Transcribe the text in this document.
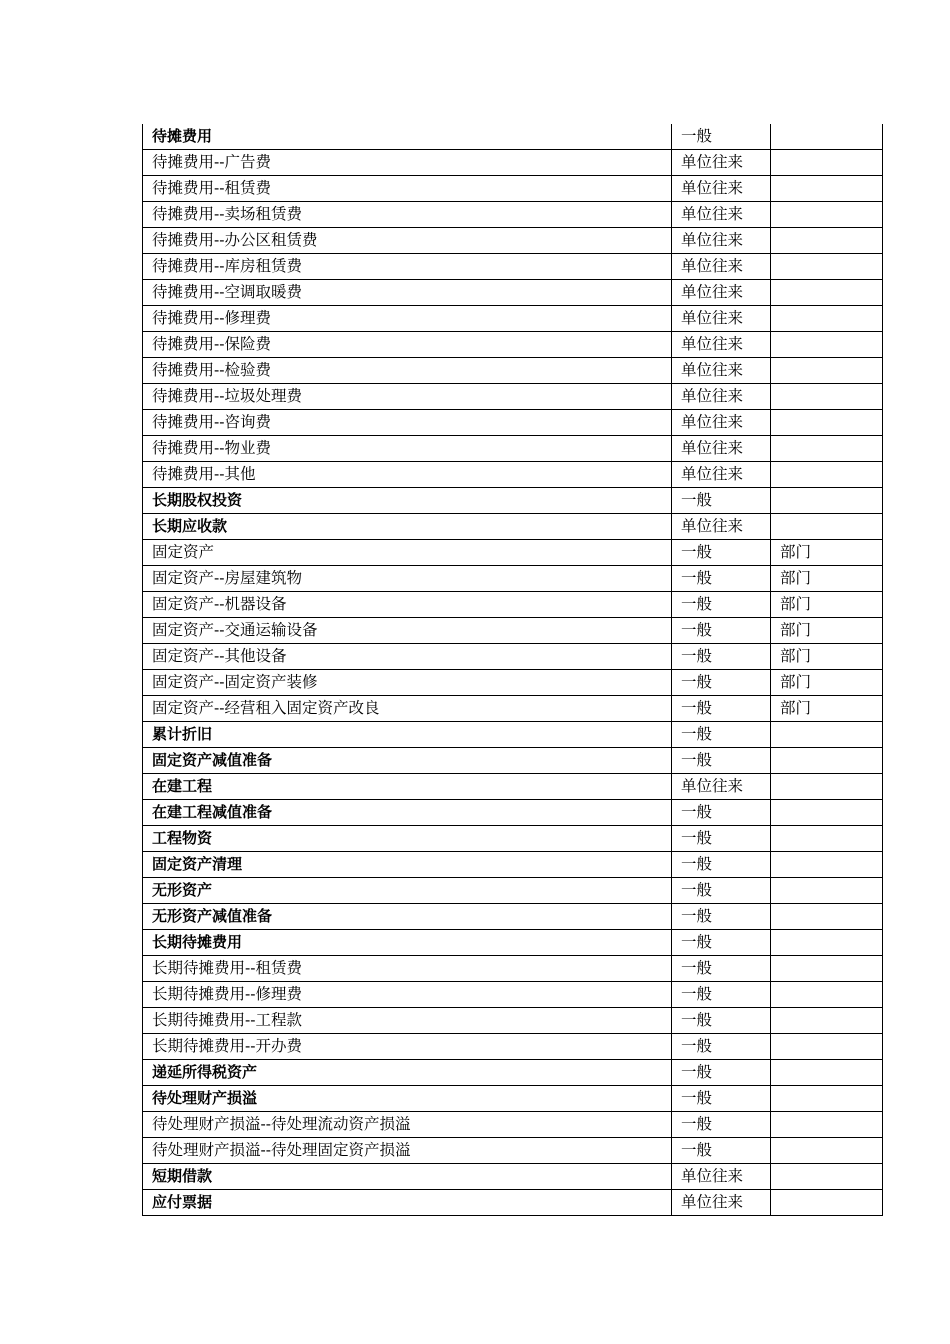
待摊费用	一般	
待摊费用--广告费	单位往来	
待摊费用--租赁费	单位往来	
待摊费用--卖场租赁费	单位往来	
待摊费用--办公区租赁费	单位往来	
待摊费用--库房租赁费	单位往来	
待摊费用--空调取暖费	单位往来	
待摊费用--修理费	单位往来	
待摊费用--保险费	单位往来	
待摊费用--检验费	单位往来	
待摊费用--垃圾处理费	单位往来	
待摊费用--咨询费	单位往来	
待摊费用--物业费	单位往来	
待摊费用--其他	单位往来	
长期股权投资	一般	
长期应收款	单位往来	
固定资产	一般	部门
固定资产--房屋建筑物	一般	部门
固定资产--机器设备	一般	部门
固定资产--交通运输设备	一般	部门
固定资产--其他设备	一般	部门
固定资产--固定资产装修	一般	部门
固定资产--经营租入固定资产改良	一般	部门
累计折旧	一般	
固定资产减值准备	一般	
在建工程	单位往来	
在建工程减值准备	一般	
工程物资	一般	
固定资产清理	一般	
无形资产	一般	
无形资产减值准备	一般	
长期待摊费用	一般	
长期待摊费用--租赁费	一般	
长期待摊费用--修理费	一般	
长期待摊费用--工程款	一般	
长期待摊费用--开办费	一般	
递延所得税资产	一般	
待处理财产损溢	一般	
待处理财产损溢--待处理流动资产损溢	一般	
待处理财产损溢--待处理固定资产损溢	一般	
短期借款	单位往来	
应付票据	单位往来	
